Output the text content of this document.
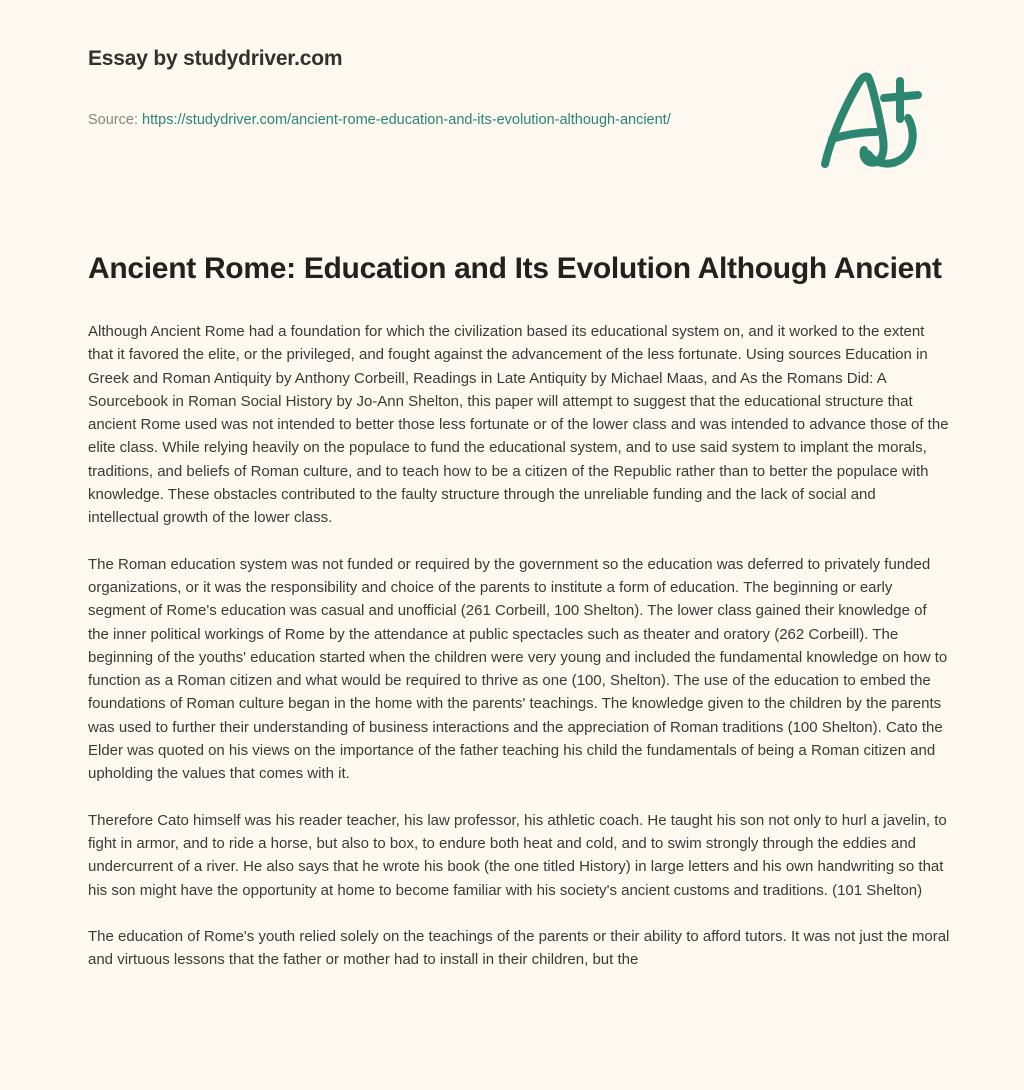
Essay by studydriver.com
Source: https://studydriver.com/ancient-rome-education-and-its-evolution-although-ancient/
Ancient Rome: Education and Its Evolution Although Ancient

Although Ancient Rome had a foundation for which the civilization based its educational system on, and it worked to the extent that it favored the elite, or the privileged, and fought against the advancement of the less fortunate. Using sources Education in Greek and Roman Antiquity by Anthony Corbeill, Readings in Late Antiquity by Michael Maas, and As the Romans Did: A Sourcebook in Roman Social History by Jo-Ann Shelton, this paper will attempt to suggest that the educational structure that ancient Rome used was not intended to better those less fortunate or of the lower class and was intended to advance those of the elite class. While relying heavily on the populace to fund the educational system, and to use said system to implant the morals, traditions, and beliefs of Roman culture, and to teach how to be a citizen of the Republic rather than to better the populace with knowledge. These obstacles contributed to the faulty structure through the unreliable funding and the lack of social and intellectual growth of the lower class.

The Roman education system was not funded or required by the government so the education was deferred to privately funded organizations, or it was the responsibility and choice of the parents to institute a form of education. The beginning or early segment of Rome's education was casual and unofficial (261 Corbeill, 100 Shelton). The lower class gained their knowledge of the inner political workings of Rome by the attendance at public spectacles such as theater and oratory (262 Corbeill). The beginning of the youths' education started when the children were very young and included the fundamental knowledge on how to function as a Roman citizen and what would be required to thrive as one (100, Shelton). The use of the education to embed the foundations of Roman culture began in the home with the parents' teachings. The knowledge given to the children by the parents was used to further their understanding of business interactions and the appreciation of Roman traditions (100 Shelton). Cato the Elder was quoted on his views on the importance of the father teaching his child the fundamentals of being a Roman citizen and upholding the values that comes with it.

Therefore Cato himself was his reader teacher, his law professor, his athletic coach. He taught his son not only to hurl a javelin, to fight in armor, and to ride a horse, but also to box, to endure both heat and cold, and to swim strongly through the eddies and undercurrent of a river. He also says that he wrote his book (the one titled History) in large letters and his own handwriting so that his son might have the opportunity at home to become familiar with his society's ancient customs and traditions. (101 Shelton)

The education of Rome's youth relied solely on the teachings of the parents or their ability to afford tutors. It was not just the moral and virtuous lessons that the father or mother had to install in their children, but the
